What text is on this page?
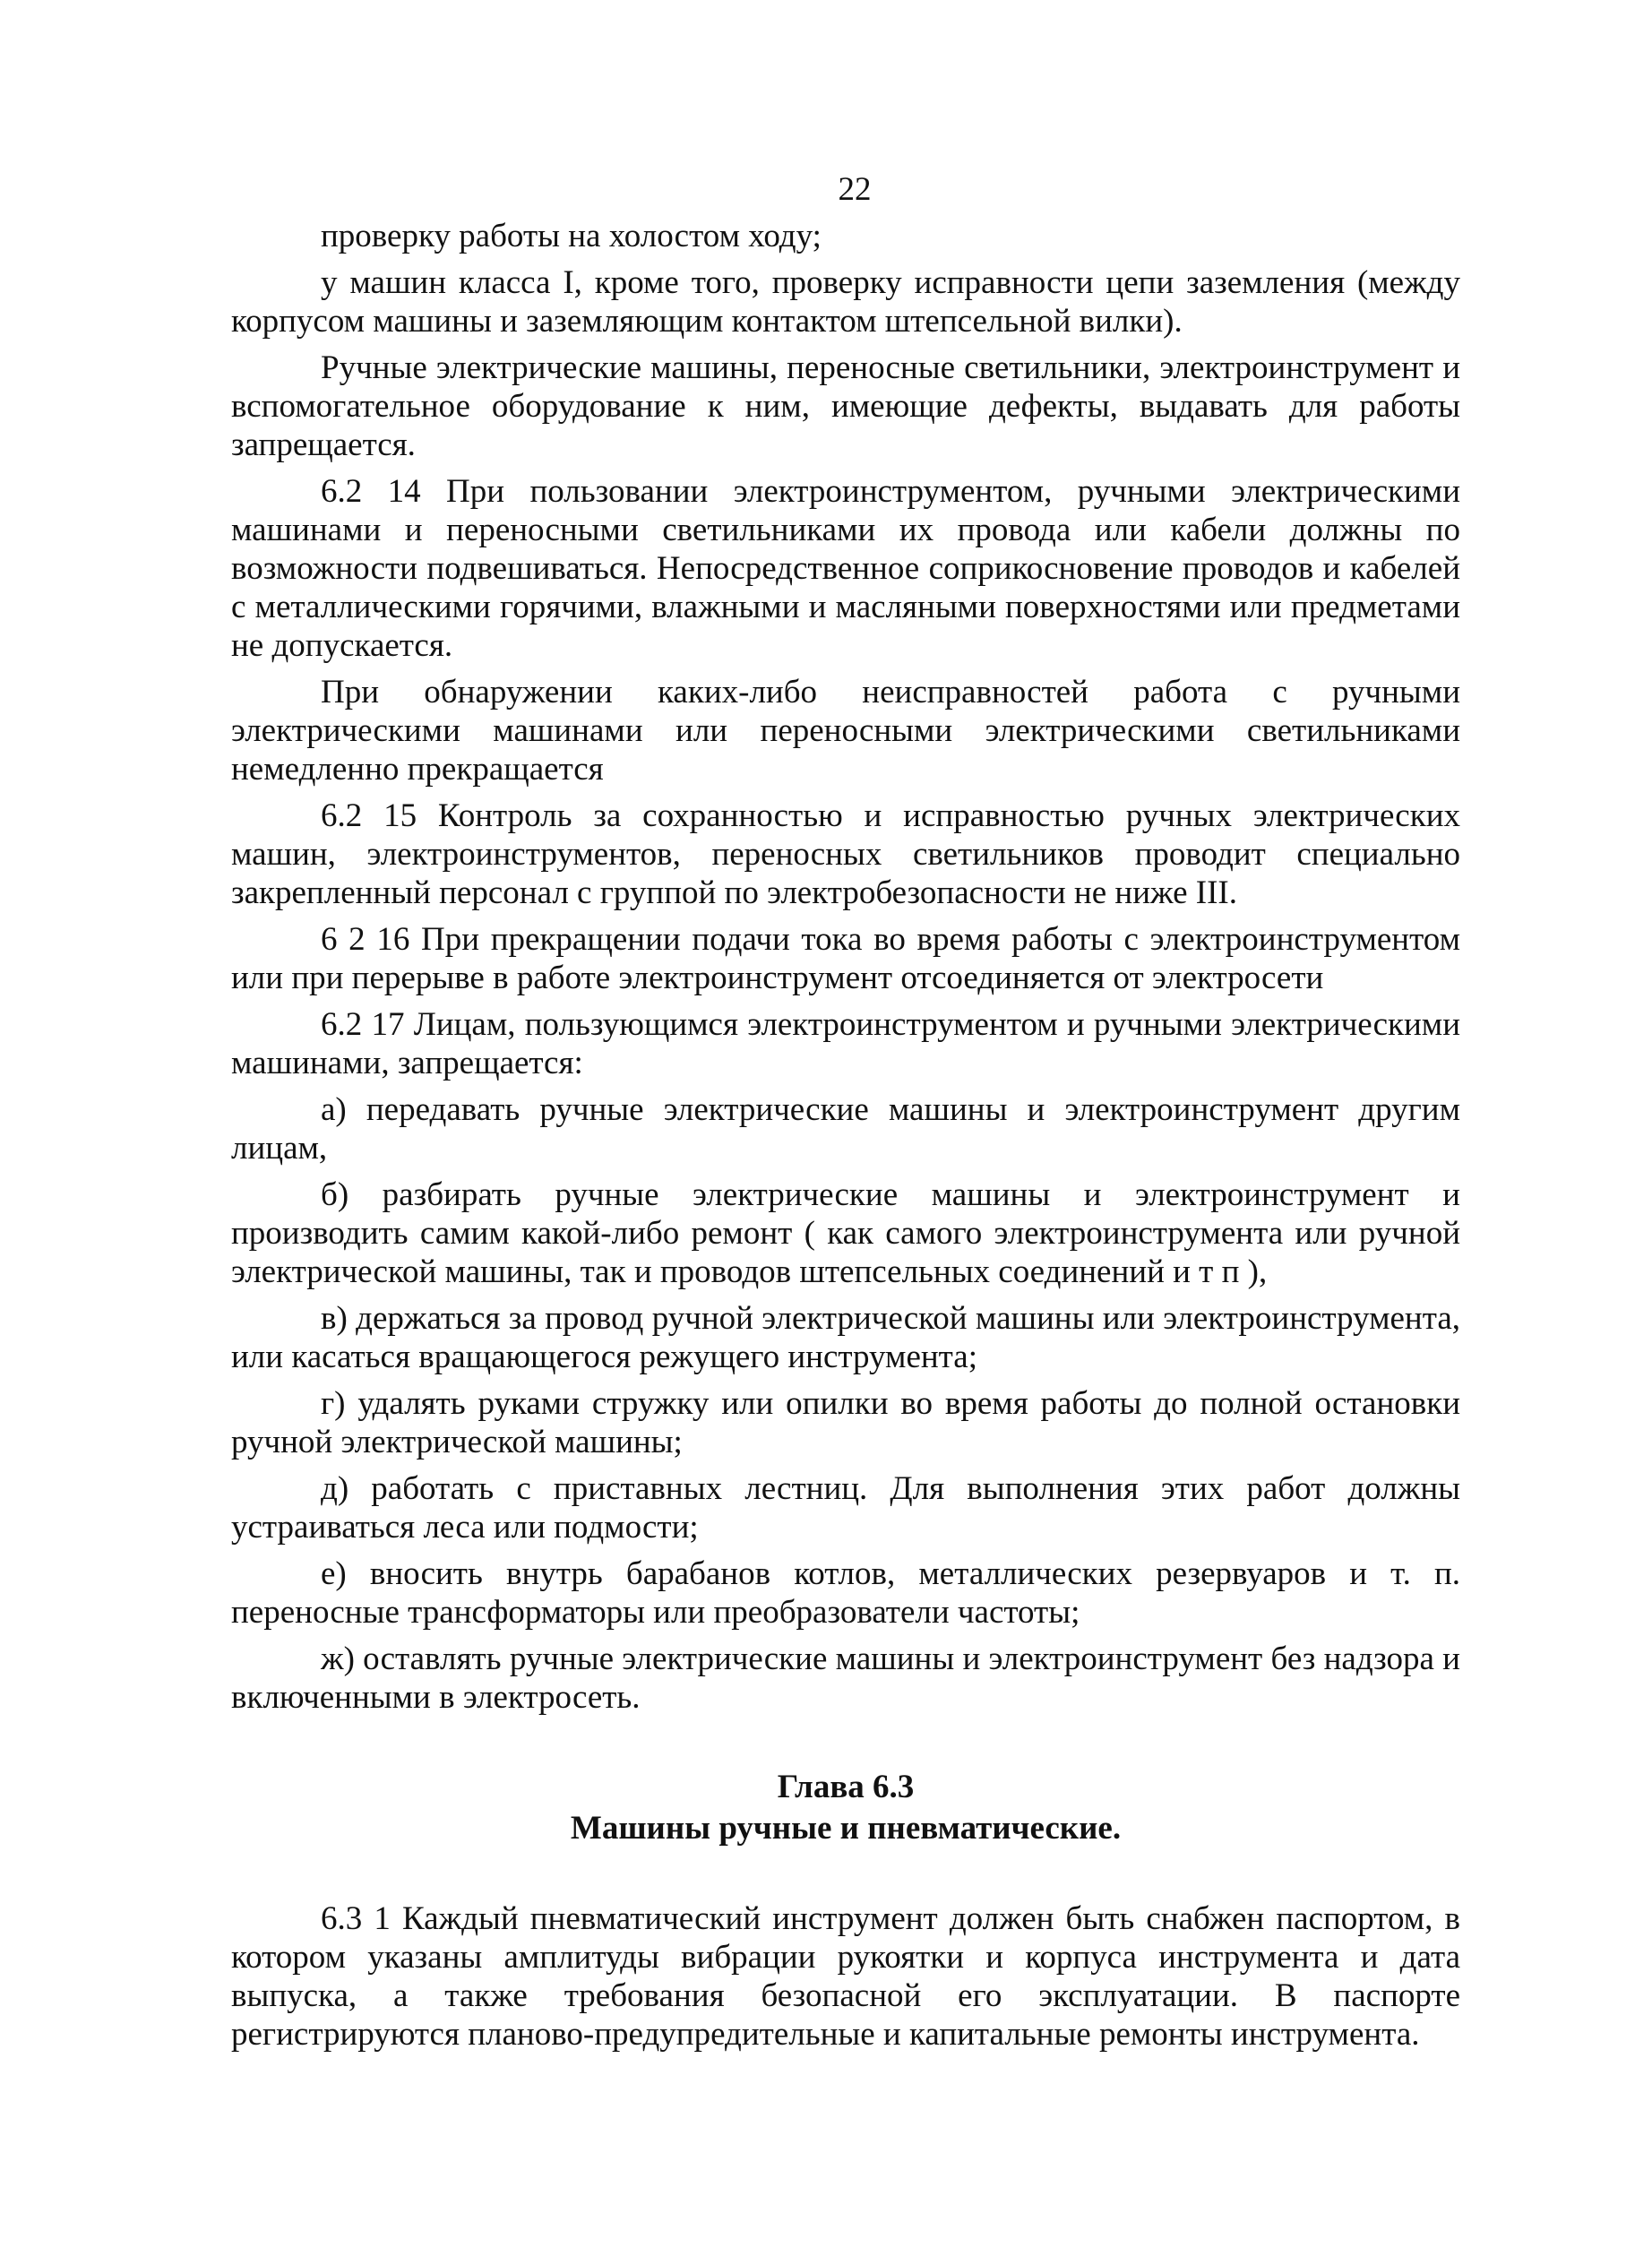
22

проверку работы на холостом ходу;

у машин класса I, кроме того, проверку исправности цепи заземления (между корпусом машины и заземляющим контактом штепсельной вилки).

Ручные электрические машины, переносные светильники, электроинструмент и вспомогательное оборудование к ним, имеющие дефекты, выдавать для работы запрещается.

6.2 14 При пользовании электроинструментом, ручными электрическими машинами и переносными светильниками их провода или кабели должны по возможности подвешиваться. Непосредственное соприкосновение проводов и кабелей с металлическими горячими, влажными и масляными поверхностями или предметами не допускается.

При обнаружении каких-либо неисправностей работа с ручными электрическими машинами или переносными электрическими светильниками немедленно прекращается

6.2 15 Контроль за сохранностью и исправностью ручных электрических машин, электроинструментов, переносных светильников проводит специально закрепленный персонал с группой по электробезопасности не ниже III.

6 2 16 При прекращении подачи тока во время работы с электроинструментом или при перерыве в работе электроинструмент отсоединяется от электросети

6.2 17 Лицам, пользующимся электроинструментом и ручными электрическими машинами, запрещается:

а) передавать ручные электрические машины и электроинструмент другим лицам,

б) разбирать ручные электрические машины и электроинструмент и производить самим какой-либо ремонт ( как самого электроинструмента или ручной электрической машины, так и проводов штепсельных соединений и т п ),

в) держаться за провод ручной электрической машины или электроинструмента, или касаться вращающегося режущего инструмента;

г) удалять руками стружку или опилки во время работы до полной остановки ручной электрической машины;

д) работать с приставных лестниц. Для выполнения этих работ должны устраиваться леса или подмости;

е) вносить внутрь барабанов котлов, металлических резервуаров и т. п. переносные трансформаторы или преобразователи частоты;

ж) оставлять ручные электрические машины и электроинструмент без надзора и включенными в электросеть.

Глава 6.3
Машины ручные и пневматические.

6.3 1 Каждый пневматический инструмент должен быть снабжен паспортом, в котором указаны амплитуды вибрации рукоятки и корпуса инструмента и дата выпуска, а также требования безопасной его эксплуатации. В паспорте регистрируются планово-предупредительные и капитальные ремонты инструмента.
